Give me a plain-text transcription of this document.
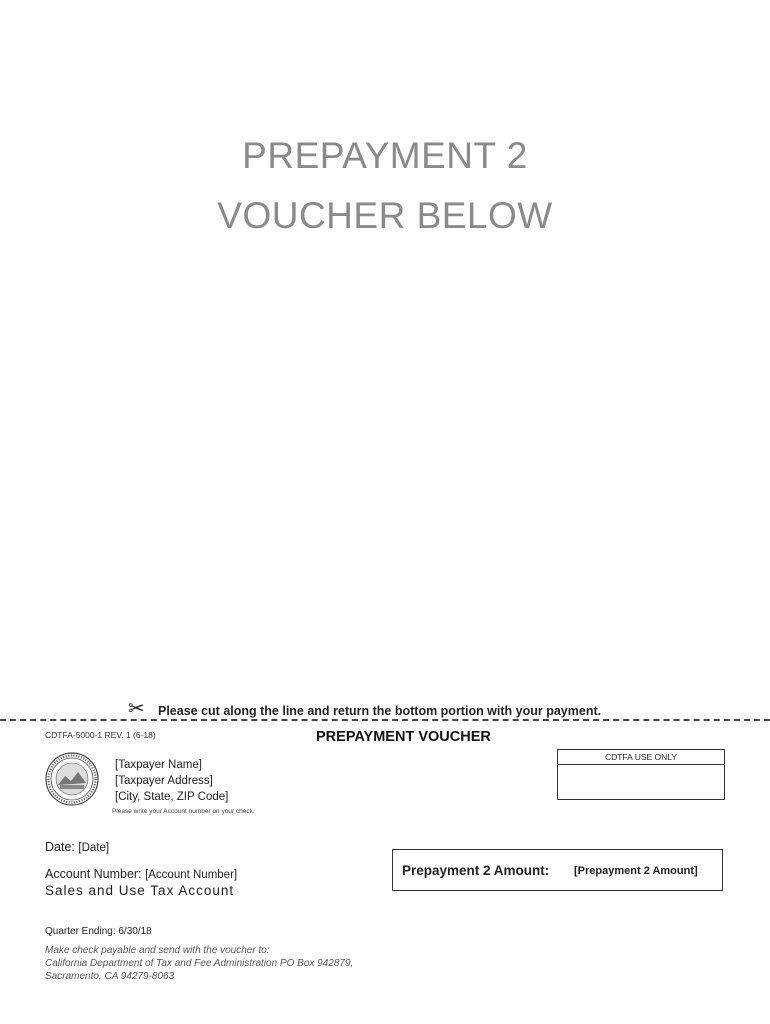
PREPAYMENT 2
VOUCHER BELOW
✂ Please cut along the line and return the bottom portion with your payment.
CDTFA-5000-1 REV. 1 (6-18)	PREPAYMENT VOUCHER
CDTFA USE ONLY
[Taxpayer Name]
[Taxpayer Address]
[City, State, ZIP Code]
Please write your Account number on your check.
Date: [Date]
Account Number: [Account Number]
Sales and Use Tax Account
Prepayment 2 Amount: [Prepayment 2 Amount]
Quarter Ending: 6/30/18
Make check payable and send with the voucher to:
California Department of Tax and Fee Administration PO Box 942879,
Sacramento, CA 94279-8063
